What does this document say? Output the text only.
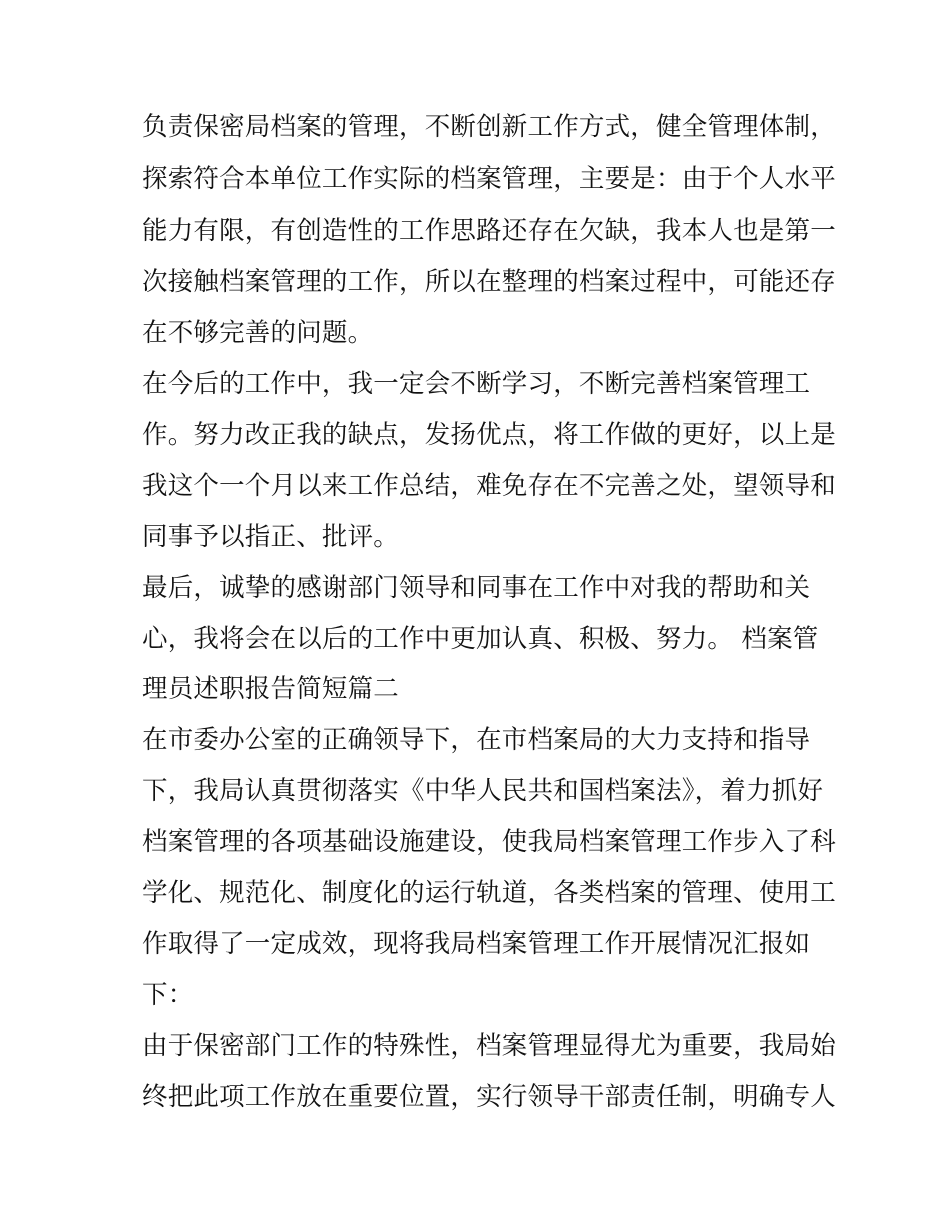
负责保密局档案的管理，不断创新工作方式，健全管理体制，
探索符合本单位工作实际的档案管理，主要是：由于个人水平
能力有限，有创造性的工作思路还存在欠缺，我本人也是第一
次接触档案管理的工作，所以在整理的档案过程中，可能还存
在不够完善的问题。
在今后的工作中，我一定会不断学习，不断完善档案管理工
作。努力改正我的缺点，发扬优点，将工作做的更好，以上是
我这个一个月以来工作总结，难免存在不完善之处，望领导和
同事予以指正、批评。
最后，诚挚的感谢部门领导和同事在工作中对我的帮助和关
心，我将会在以后的工作中更加认真、积极、努力。 档案管
理员述职报告简短篇二
在市委办公室的正确领导下，在市档案局的大力支持和指导
下，我局认真贯彻落实《中华人民共和国档案法》，着力抓好
档案管理的各项基础设施建设，使我局档案管理工作步入了科
学化、规范化、制度化的运行轨道，各类档案的管理、使用工
作取得了一定成效，现将我局档案管理工作开展情况汇报如
下：
由于保密部门工作的特殊性，档案管理显得尤为重要，我局始
终把此项工作放在重要位置，实行领导干部责任制，明确专人
